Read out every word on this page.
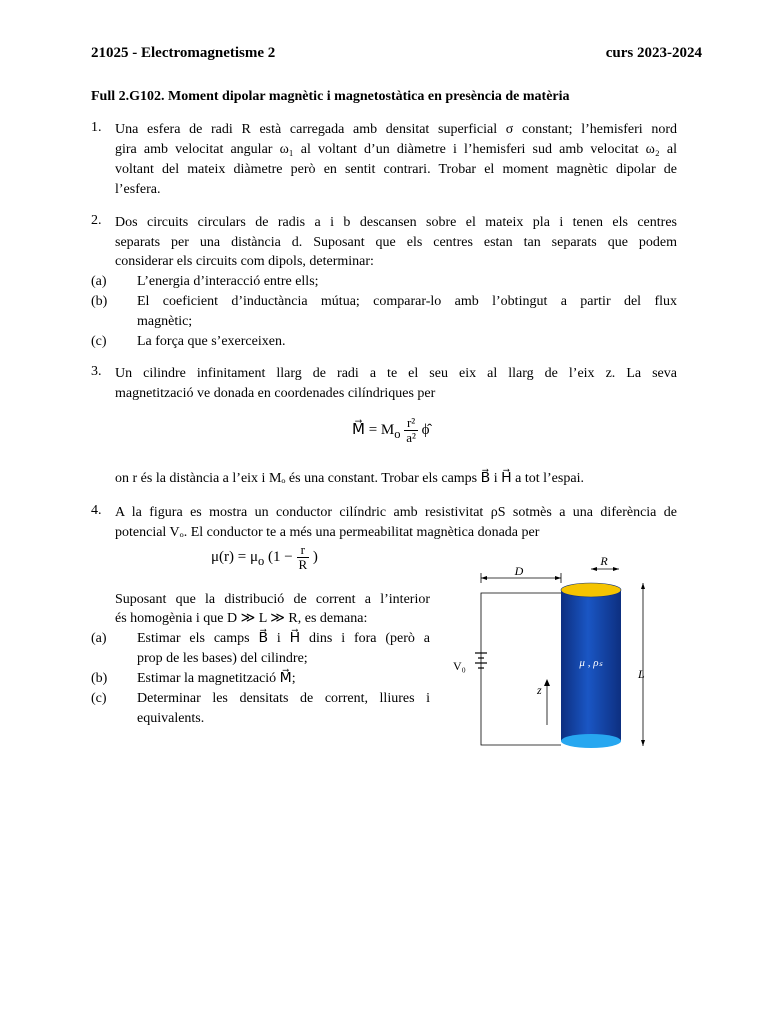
21025 - Electromagnetisme 2	curs 2023-2024
Full 2.G102. Moment dipolar magnètic i magnetostàtica en presència de matèria
1. Una esfera de radi R està carregada amb densitat superficial σ constant; l’hemisferi nord
gira amb velocitat angular ω₁ al voltant d’un diàmetre i l’hemisferi sud amb velocitat ω₂ al
voltant del mateix diàmetre però en sentit contrari. Trobar el moment magnètic dipolar de
l’esfera.
2. Dos circuits circulars de radis a i b descansen sobre el mateix pla i tenen els centres
separats per una distància d. Suposant que els centres estan tan separats que podem
considerar els circuits com dipols, determinar:
(a) L’energia d’interacció entre ells;
(b) El coeficient d’inductància mútua; comparar-lo amb l’obtingut a partir del flux
magnètic;
(c) La força que s’exerceixen.
3. Un cilindre infinitament llarg de radi a te el seu eix al llarg de l’eix z. La seva
magnetització ve donada en coordenades cilíndriques per
M⃗ = $M_o \frac{\text{r²}}{\text{a²}}$ ϕ̂
on r és la distància a l’eix i Mₒ és una constant. Trobar els camps B⃗ i H⃗ a tot l’espai.
4. A la figura es mostra un conductor cilíndric amb resistivitat ρS sotmès a una diferència de
potencial Vₒ. El conductor te a més una permeabilitat magnètica donada per
$\mu(r) = \mu_o$ ($1 - \frac{r}{R}$ )
Suposant que la distribució de corrent a l’interior
és homogènia i que D ≫ L ≫ R, es demana:
(a) Estimar els camps B⃗ i H⃗ dins i fora (però a
prop de les bases) del cilindre;
(b) Estimar la magnetització M⃗;
(c) Determinar les densitats de corrent, lliures i
equivalents.
D
R
V₀
z
μ , ρₛ
L
